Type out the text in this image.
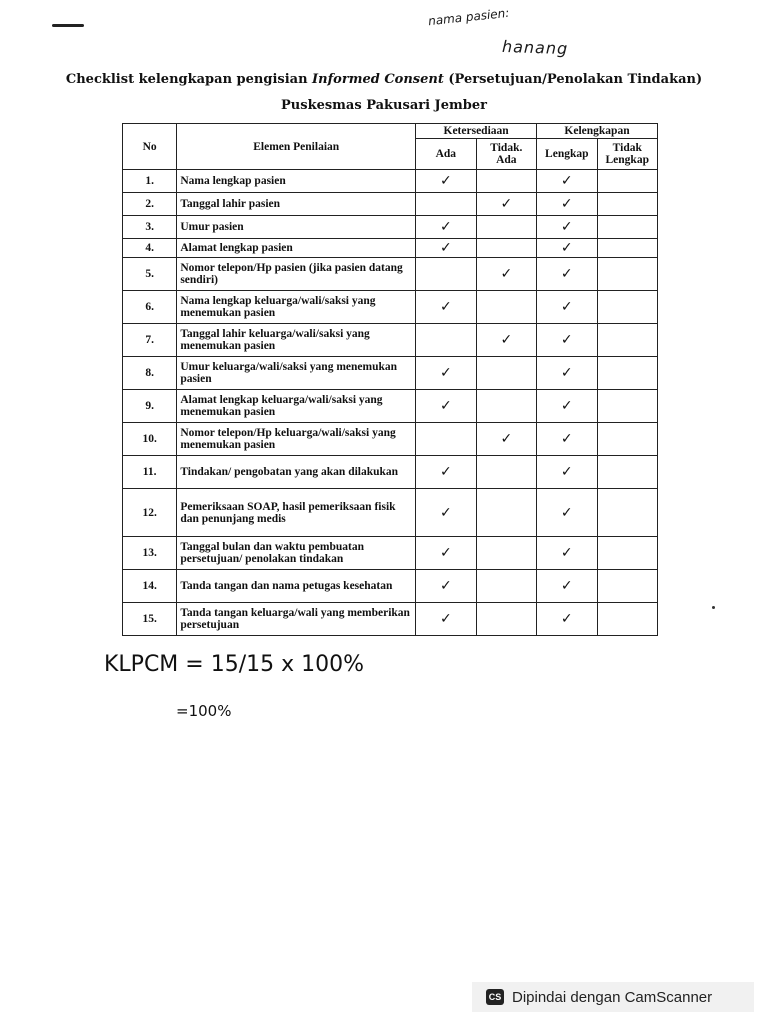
nama pasien:
hanang
Checklist kelengkapan pengisian Informed Consent (Persetujuan/Penolakan Tindakan)
Puskesmas Pakusari Jember
No	Elemen Penilaian	Ketersediaan		Kelengkapan	
		Ada	Tidak. Ada	Lengkap	Tidak Lengkap
1.	Nama lengkap pasien	✓		✓	
2.	Tanggal lahir pasien		✓	✓	
3.	Umur pasien	✓		✓	
4.	Alamat lengkap pasien	✓		✓	
5.	Nomor telepon/Hp pasien (jika pasien datang sendiri)		✓	✓	
6.	Nama lengkap keluarga/wali/saksi yang menemukan pasien	✓		✓	
7.	Tanggal lahir keluarga/wali/saksi yang menemukan pasien		✓	✓	
8.	Umur keluarga/wali/saksi yang menemukan pasien	✓		✓	
9.	Alamat lengkap keluarga/wali/saksi yang menemukan pasien	✓		✓	
10.	Nomor telepon/Hp keluarga/wali/saksi yang menemukan pasien		✓	✓	
11.	Tindakan/ pengobatan yang akan dilakukan	✓		✓	
12.	Pemeriksaan SOAP, hasil pemeriksaan fisik dan penunjang medis	✓		✓	
13.	Tanggal bulan dan waktu pembuatan persetujuan/ penolakan tindakan	✓		✓	
14.	Tanda tangan dan nama petugas kesehatan	✓		✓	
15.	Tanda tangan keluarga/wali yang memberikan persetujuan	✓		✓	
KLPCM = 15/15 x 100%
=100%
CS Dipindai dengan CamScanner
